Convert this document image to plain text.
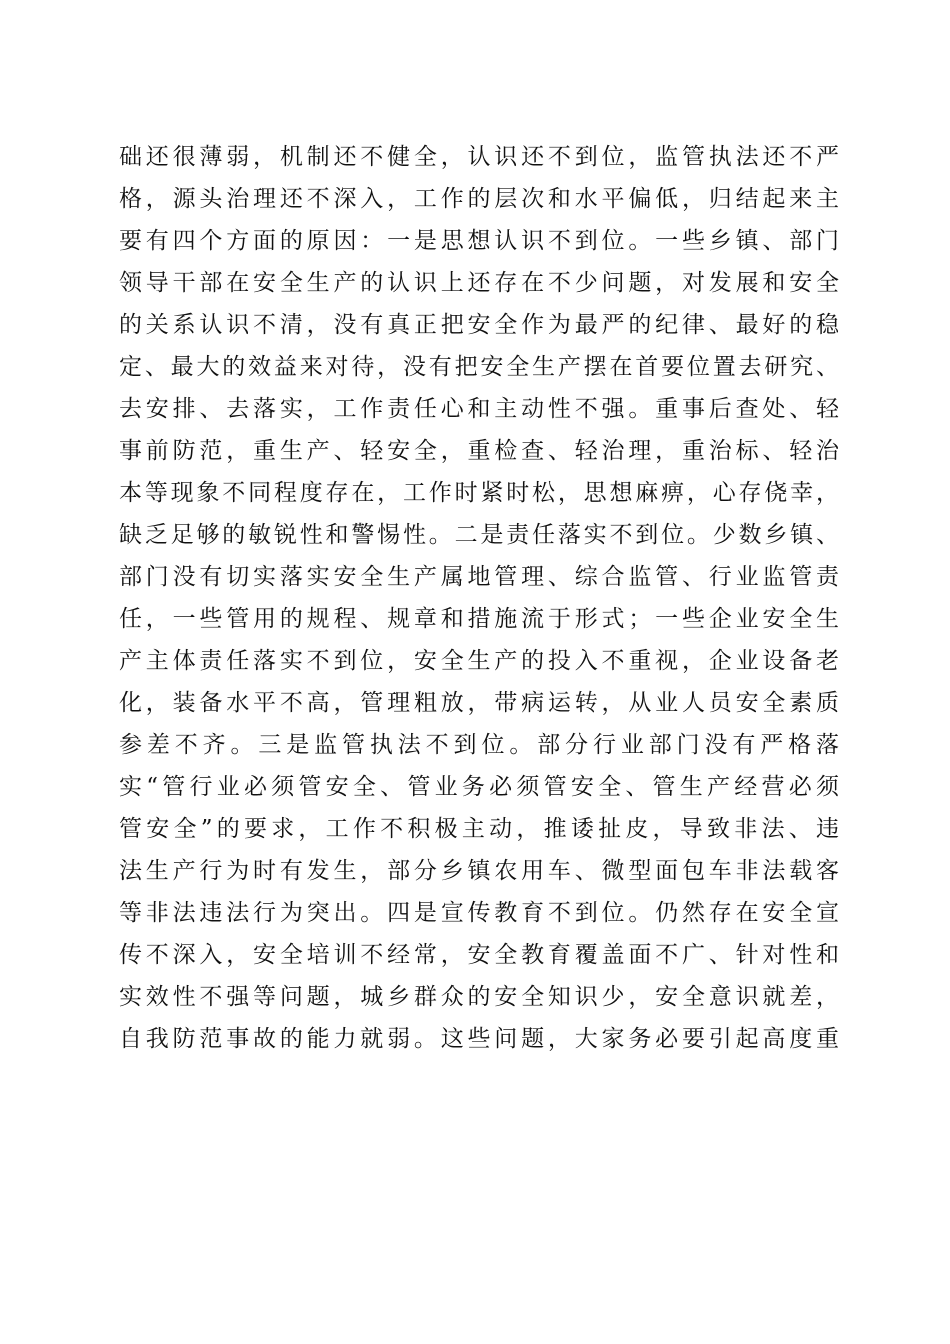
础还很薄弱，机制还不健全，认识还不到位，监管执法还不严
格，源头治理还不深入，工作的层次和水平偏低，归结起来主
要有四个方面的原因：一是思想认识不到位。一些乡镇、部门
领导干部在安全生产的认识上还存在不少问题，对发展和安全
的关系认识不清，没有真正把安全作为最严的纪律、最好的稳
定、最大的效益来对待，没有把安全生产摆在首要位置去研究、
去安排、去落实，工作责任心和主动性不强。重事后查处、轻
事前防范，重生产、轻安全，重检查、轻治理，重治标、轻治
本等现象不同程度存在，工作时紧时松，思想麻痹，心存侥幸，
缺乏足够的敏锐性和警惕性。二是责任落实不到位。少数乡镇、
部门没有切实落实安全生产属地管理、综合监管、行业监管责
任，一些管用的规程、规章和措施流于形式；一些企业安全生
产主体责任落实不到位，安全生产的投入不重视，企业设备老
化，装备水平不高，管理粗放，带病运转，从业人员安全素质
参差不齐。三是监管执法不到位。部分行业部门没有严格落
实“管行业必须管安全、管业务必须管安全、管生产经营必须
管安全”的要求，工作不积极主动，推诿扯皮，导致非法、违
法生产行为时有发生，部分乡镇农用车、微型面包车非法载客
等非法违法行为突出。四是宣传教育不到位。仍然存在安全宣
传不深入，安全培训不经常，安全教育覆盖面不广、针对性和
实效性不强等问题，城乡群众的安全知识少，安全意识就差，
自我防范事故的能力就弱。这些问题，大家务必要引起高度重
